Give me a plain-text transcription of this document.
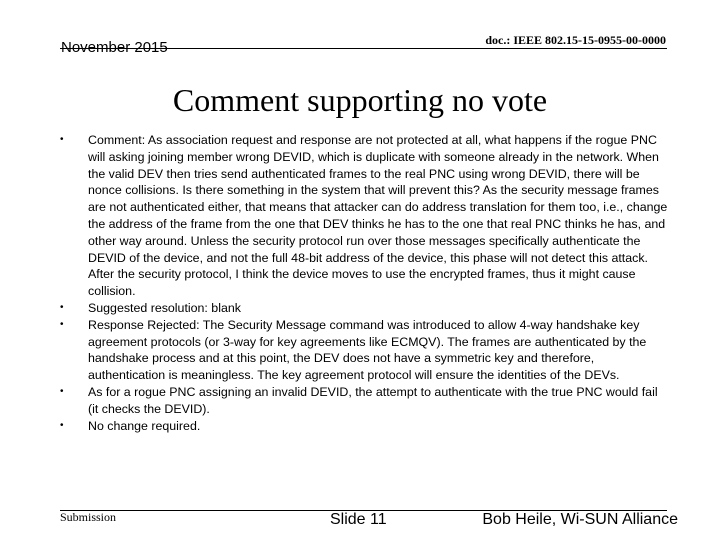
November 2015	doc.: IEEE 802.15-15-0955-00-0000
Comment supporting no vote
• Comment: As association request and response are not protected at all, what happens if the rogue PNC will asking joining member wrong DEVID, which is duplicate with someone already in the network. When the valid DEV then tries send authenticated frames to the real PNC using wrong DEVID, there will be nonce collisions. Is there something in the system that will prevent this? As the security message frames are not authenticated either, that means that attacker can do address translation for them too, i.e., change the address of the frame from the one that DEV thinks he has to the one that real PNC thinks he has, and other way around. Unless the security protocol run over those messages specifically authenticate the DEVID of the device, and not the full 48-bit address of the device, this phase will not detect this attack. After the security protocol, I think the device moves to use the encrypted frames, thus it might cause collision.
• Suggested resolution: blank
• Response Rejected: The Security Message command was introduced to allow 4-way handshake key agreement protocols (or 3-way for key agreements like ECMQV). The frames are authenticated by the handshake process and at this point, the DEV does not have a symmetric key and therefore, authentication is meaningless. The key agreement protocol will ensure the identities of the DEVs.
• As for a rogue PNC assigning an invalid DEVID, the attempt to authenticate with the true PNC would fail (it checks the DEVID).
• No change required.
Submission	Slide 11	Bob Heile, Wi-SUN Alliance
